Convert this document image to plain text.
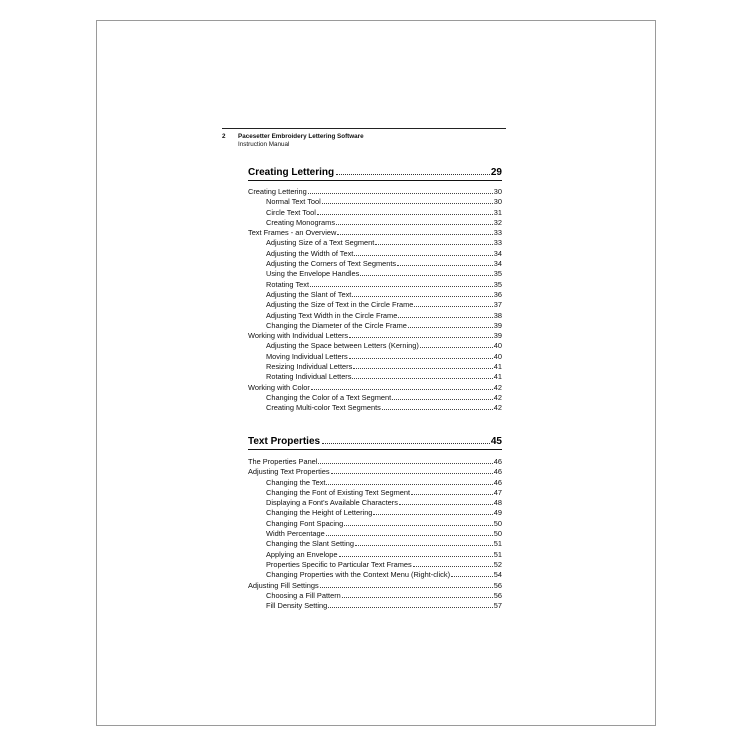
2 Pacesetter Embroidery Lettering Software
Instruction Manual
Creating Lettering	29
Creating Lettering	30
Normal Text Tool	30
Circle Text Tool	31
Creating Monograms	32
Text Frames - an Overview	33
Adjusting Size of a Text Segment	33
Adjusting the Width of Text	34
Adjusting the Corners of Text Segments	34
Using the Envelope Handles	35
Rotating Text	35
Adjusting the Slant of Text	36
Adjusting the Size of Text in the Circle Frame	37
Adjusting Text Width in the Circle Frame	38
Changing the Diameter of the Circle Frame	39
Working with Individual Letters	39
Adjusting the Space between Letters (Kerning)	40
Moving Individual Letters	40
Resizing Individual Letters	41
Rotating Individual Letters	41
Working with Color	42
Changing the Color of a Text Segment	42
Creating Multi-color Text Segments	42
Text Properties	45
The Properties Panel	46
Adjusting Text Properties	46
Changing the Text	46
Changing the Font of Existing Text Segment	47
Displaying a Font's Available Characters	48
Changing the Height of Lettering	49
Changing Font Spacing	50
Width Percentage	50
Changing the Slant Setting	51
Applying an Envelope	51
Properties Specific to Particular Text Frames	52
Changing Properties with the Context Menu (Right-click)	54
Adjusting Fill Settings	56
Choosing a Fill Pattern	56
Fill Density Setting	57
